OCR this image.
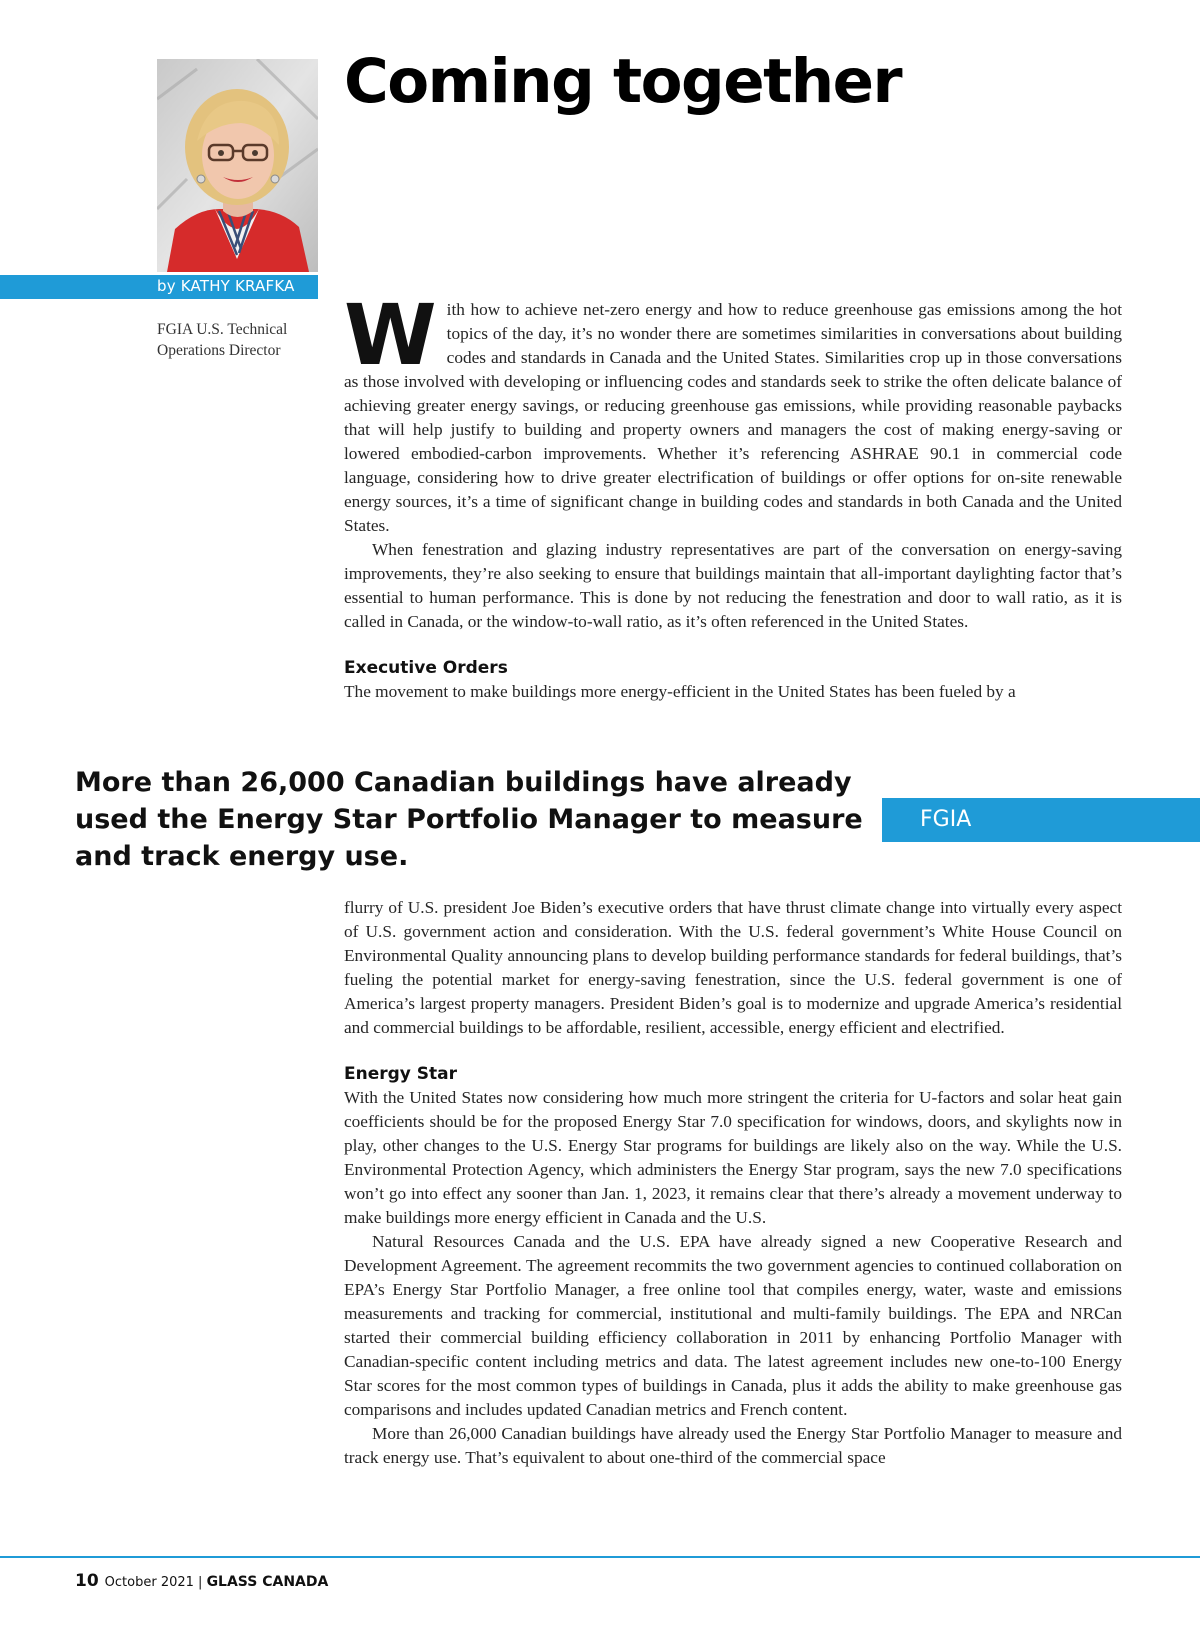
by KATHY KRAFKA
FGIA U.S. Technical Operations Director
Coming together

With how to achieve net-zero energy and how to reduce greenhouse gas emissions among the hot topics of the day, it’s no wonder there are sometimes similarities in conversations about building codes and standards in Canada and the United States. Similarities crop up in those conversations as those involved with developing or influencing codes and standards seek to strike the often delicate balance of achieving greater energy savings, or reducing greenhouse gas emissions, while providing reasonable paybacks that will help justify to building and property owners and managers the cost of making energy-saving or lowered embodied-carbon improvements. Whether it’s referencing ASHRAE 90.1 in commercial code language, considering how to drive greater electrification of buildings or offer options for on-site renewable energy sources, it’s a time of significant change in building codes and standards in both Canada and the United States.

When fenestration and glazing industry representatives are part of the conversation on energy-saving improvements, they’re also seeking to ensure that buildings maintain that all-important daylighting factor that’s essential to human performance. This is done by not reducing the fenestration and door to wall ratio, as it is called in Canada, or the window-to-wall ratio, as it’s often referenced in the United States.

Executive Orders

The movement to make buildings more energy-efficient in the United States has been fueled by a

More than 26,000 Canadian buildings have already used the Energy Star Portfolio Manager to measure and track energy use.
FGIA

flurry of U.S. president Joe Biden’s executive orders that have thrust climate change into virtually every aspect of U.S. government action and consideration. With the U.S. federal government’s White House Council on Environmental Quality announcing plans to develop building performance standards for federal buildings, that’s fueling the potential market for energy-saving fenestration, since the U.S. federal government is one of America’s largest property managers. President Biden’s goal is to modernize and upgrade America’s residential and commercial buildings to be affordable, resilient, accessible, energy efficient and electrified.

Energy Star

With the United States now considering how much more stringent the criteria for U-factors and solar heat gain coefficients should be for the proposed Energy Star 7.0 specification for windows, doors, and skylights now in play, other changes to the U.S. Energy Star programs for buildings are likely also on the way. While the U.S. Environmental Protection Agency, which administers the Energy Star program, says the new 7.0 specifications won’t go into effect any sooner than Jan. 1, 2023, it remains clear that there’s already a movement underway to make buildings more energy efficient in Canada and the U.S.

Natural Resources Canada and the U.S. EPA have already signed a new Cooperative Research and Development Agreement. The agreement recommits the two government agencies to continued collaboration on EPA’s Energy Star Portfolio Manager, a free online tool that compiles energy, water, waste and emissions measurements and tracking for commercial, institutional and multi-family buildings. The EPA and NRCan started their commercial building efficiency collaboration in 2011 by enhancing Portfolio Manager with Canadian-specific content including metrics and data. The latest agreement includes new one-to-100 Energy Star scores for the most common types of buildings in Canada, plus it adds the ability to make greenhouse gas comparisons and includes updated Canadian metrics and French content.

More than 26,000 Canadian buildings have already used the Energy Star Portfolio Manager to measure and track energy use. That’s equivalent to about one-third of the commercial space

10 October 2021 | GLASS CANADA
